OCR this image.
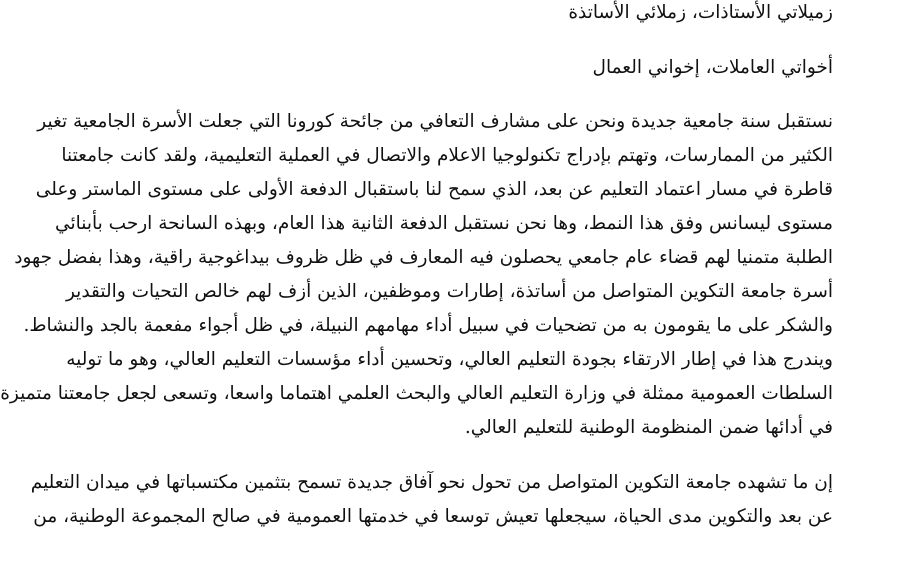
زميلاتي الأستاذات، زملائي الأساتذة
أخواتي العاملات، إخواني العمال
نستقبل سنة جامعية جديدة ونحن على مشارف التعافي من جائحة كورونا التي جعلت الأسرة الجامعية تغير
الكثير من الممارسات، وتهتم بإدراج تكنولوجيا الاعلام والاتصال في العملية التعليمية، ولقد كانت جامعتنا
قاطرة في مسار اعتماد التعليم عن بعد، الذي سمح لنا باستقبال الدفعة الأولى على مستوى الماستر وعلى
مستوى ليسانس وفق هذا النمط، وها نحن نستقبل الدفعة الثانية هذا العام، وبهذه السانحة ارحب بأبنائي
الطلبة متمنيا لهم قضاء عام جامعي يحصلون فيه المعارف في ظل ظروف بيداغوجية راقية، وهذا بفضل جهود
أسرة جامعة التكوين المتواصل من أساتذة، إطارات وموظفين، الذين أزف لهم خالص التحيات والتقدير
والشكر على ما يقومون به من تضحيات في سبيل أداء مهامهم النبيلة، في ظل أجواء مفعمة بالجد والنشاط.
ويندرج هذا في إطار الارتقاء بجودة التعليم العالي، وتحسين أداء مؤسسات التعليم العالي، وهو ما توليه
السلطات العمومية ممثلة في وزارة التعليم العالي والبحث العلمي اهتماما واسعا، وتسعى لجعل جامعتنا متميزة
في أدائها ضمن المنظومة الوطنية للتعليم العالي.
إن ما تشهده جامعة التكوين المتواصل من تحول نحو آفاق جديدة تسمح بتثمين مكتسباتها في ميدان التعليم
عن بعد والتكوين مدى الحياة، سيجعلها تعيش توسعا في خدمتها العمومية في صالح المجموعة الوطنية، من
